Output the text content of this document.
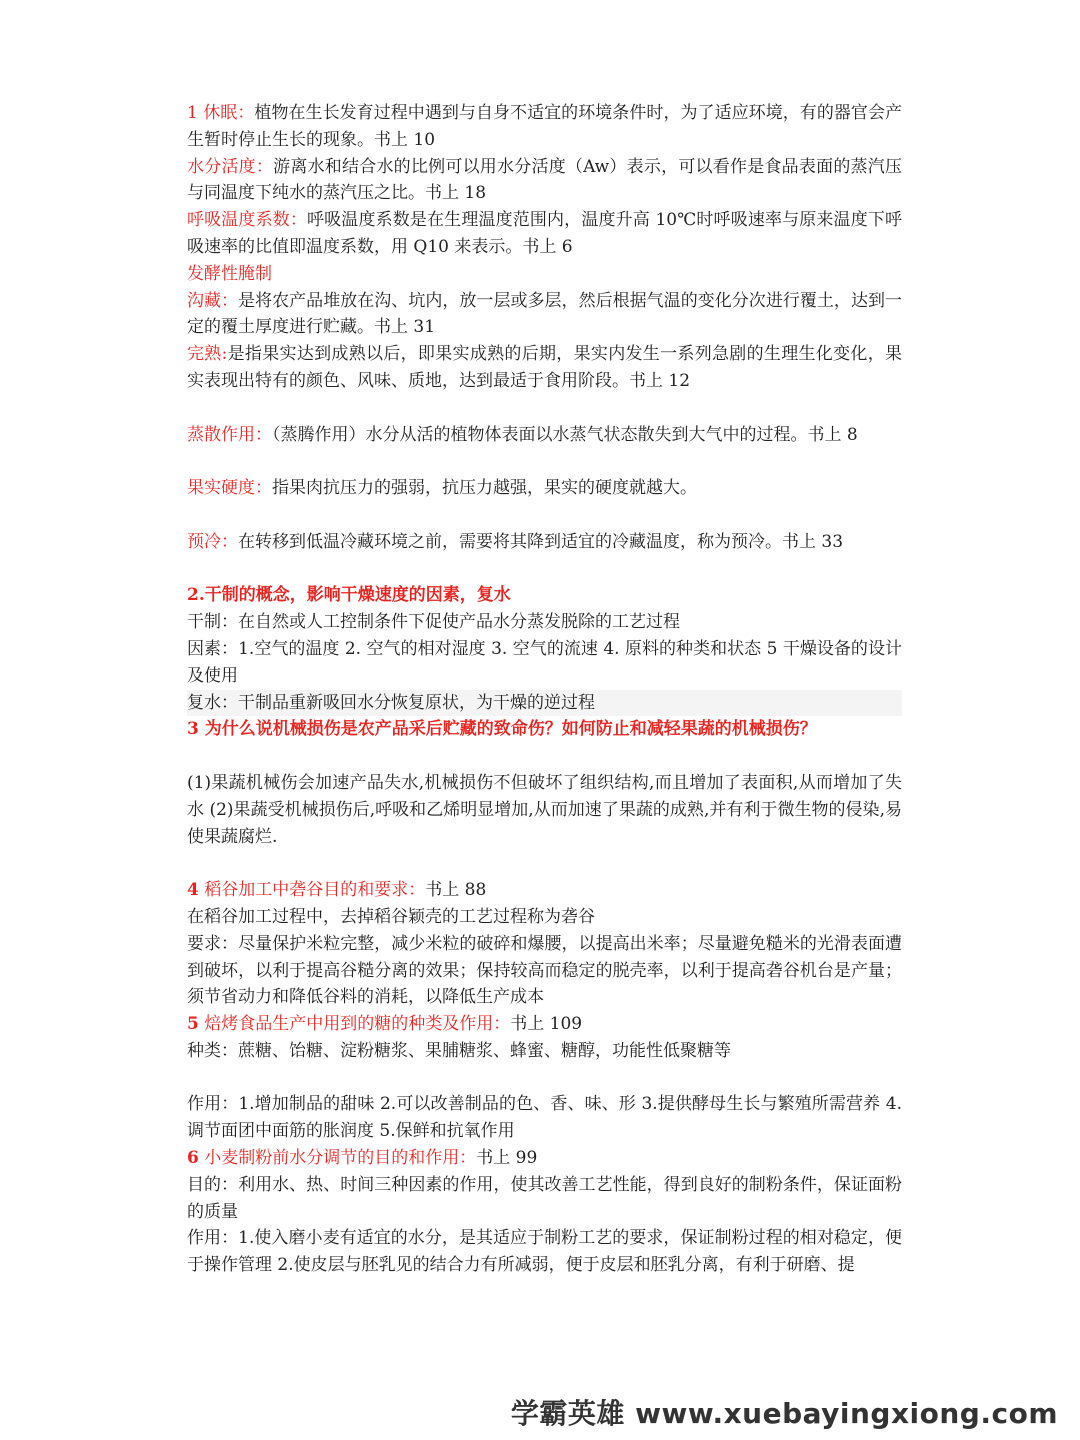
1 休眠：植物在生长发育过程中遇到与自身不适宜的环境条件时，为了适应环境，有的器官会产生暂时停止生长的现象。书上 10

水分活度：游离水和结合水的比例可以用水分活度（Aw）表示，可以看作是食品表面的蒸汽压与同温度下纯水的蒸汽压之比。书上 18

呼吸温度系数：呼吸温度系数是在生理温度范围内，温度升高 10℃时呼吸速率与原来温度下呼吸速率的比值即温度系数，用 Q10 来表示。书上 6

发酵性腌制

沟藏：是将农产品堆放在沟、坑内，放一层或多层，然后根据气温的变化分次进行覆土，达到一定的覆土厚度进行贮藏。书上 31

完熟:是指果实达到成熟以后，即果实成熟的后期，果实内发生一系列急剧的生理生化变化，果实表现出特有的颜色、风味、质地，达到最适于食用阶段。书上 12

蒸散作用：（蒸腾作用）水分从活的植物体表面以水蒸气状态散失到大气中的过程。书上 8

果实硬度：指果肉抗压力的强弱，抗压力越强，果实的硬度就越大。

预冷：在转移到低温冷藏环境之前，需要将其降到适宜的冷藏温度，称为预冷。书上 33

2.干制的概念，影响干燥速度的因素，复水

干制：在自然或人工控制条件下促使产品水分蒸发脱除的工艺过程

因素：1.空气的温度 2. 空气的相对湿度 3. 空气的流速 4. 原料的种类和状态 5 干燥设备的设计及使用

复水：干制品重新吸回水分恢复原状，为干燥的逆过程

3 为什么说机械损伤是农产品采后贮藏的致命伤？如何防止和减轻果蔬的机械损伤？

(1)果蔬机械伤会加速产品失水,机械损伤不但破坏了组织结构,而且增加了表面积,从而增加了失水 (2)果蔬受机械损伤后,呼吸和乙烯明显增加,从而加速了果蔬的成熟,并有利于微生物的侵染,易使果蔬腐烂.

4 稻谷加工中砻谷目的和要求：书上 88

在稻谷加工过程中，去掉稻谷颖壳的工艺过程称为砻谷

要求：尽量保护米粒完整，减少米粒的破碎和爆腰，以提高出米率；尽量避免糙米的光滑表面遭到破坏，以利于提高谷糙分离的效果；保持较高而稳定的脱壳率，以利于提高砻谷机台是产量；须节省动力和降低谷料的消耗，以降低生产成本

5 焙烤食品生产中用到的糖的种类及作用：书上 109

种类：蔗糖、饴糖、淀粉糖浆、果脯糖浆、蜂蜜、糖醇，功能性低聚糖等

作用：1.增加制品的甜味 2.可以改善制品的色、香、味、形 3.提供酵母生长与繁殖所需营养 4.调节面团中面筋的胀润度 5.保鲜和抗氧作用

6 小麦制粉前水分调节的目的和作用：书上 99

目的：利用水、热、时间三种因素的作用，使其改善工艺性能，得到良好的制粉条件，保证面粉的质量

作用：1.使入磨小麦有适宜的水分，是其适应于制粉工艺的要求，保证制粉过程的相对稳定，便于操作管理 2.使皮层与胚乳见的结合力有所减弱，便于皮层和胚乳分离，有利于研磨、提

学霸英雄 www.xuebayingxiong.com
